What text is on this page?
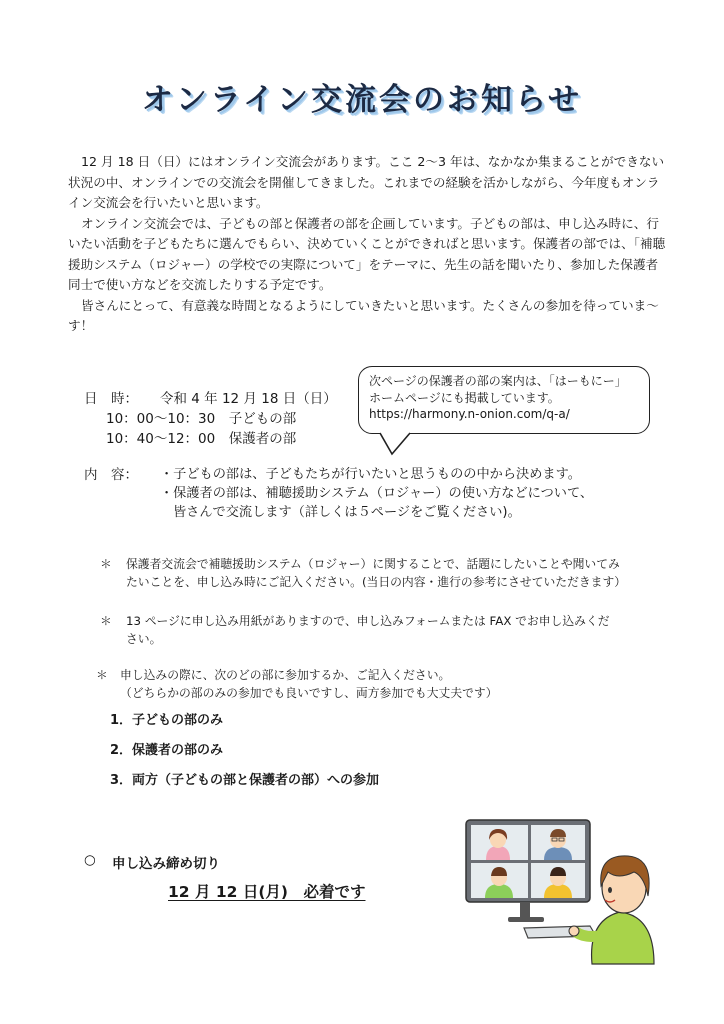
オンライン交流会のお知らせ

12 月 18 日（日）にはオンライン交流会があります。ここ 2〜3 年は、なかなか集まることができない状況の中、オンラインでの交流会を開催してきました。これまでの経験を活かしながら、今年度もオンライン交流会を行いたいと思います。

オンライン交流会では、子どもの部と保護者の部を企画しています。子どもの部は、申し込み時に、行いたい活動を子どもたちに選んでもらい、決めていくことができればと思います。保護者の部では、「補聴援助システム（ロジャー）の学校での実際について」をテーマに、先生の話を聞いたり、参加した保護者同士で使い方などを交流したりする予定です。

皆さんにとって、有意義な時間となるようにしていきたいと思います。たくさんの参加を待っていま〜す！

日　時： 令和 4 年 12 月 18 日（日）
10：00〜10：30　子どもの部
10：40〜12：00　保護者の部
次ページの保護者の部の案内は、「はーもにー」
ホームページにも掲載しています。
https://harmony.n-onion.com/q-a/
内　容： ・子どもの部は、子どもたちが行いたいと思うものの中から決めます。
・保護者の部は、補聴援助システム（ロジャー）の使い方などについて、
皆さんで交流します（詳しくは５ページをご覧ください)。
＊ 保護者交流会で補聴援助システム（ロジャー）に関することで、話題にしたいことや聞いてみ
たいことを、申し込み時にご記入ください。(当日の内容・進行の参考にさせていただきます）
＊ 13 ページに申し込み用紙がありますので、申し込みフォームまたは FAX でお申し込みくだ
さい。
＊ 申し込みの際に、次のどの部に参加するか、ご記入ください。
（どちらかの部のみの参加でも良いですし、両方参加でも大丈夫です）
1．子どもの部のみ
2．保護者の部のみ
3．両方（子どもの部と保護者の部）への参加
○ 申し込み締め切り
12 月 12 日(月)　必着です
